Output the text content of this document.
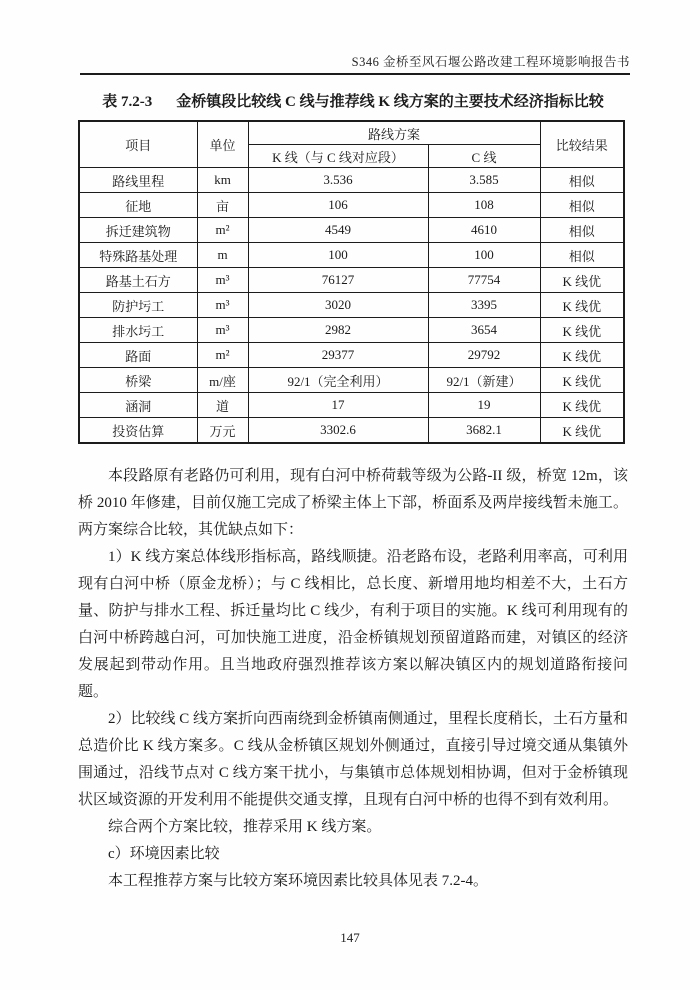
S346 金桥至风石堰公路改建工程环境影响报告书
表 7.2-3 金桥镇段比较线 C 线与推荐线 K 线方案的主要技术经济指标比较
项目	单位	路线方案		比较结果
		K 线（与 C 线对应段）	C 线	
路线里程	km	3.536	3.585	相似
征地	亩	106	108	相似
拆迁建筑物	m²	4549	4610	相似
特殊路基处理	m	100	100	相似
路基土石方	m³	76127	77754	K 线优
防护圬工	m³	3020	3395	K 线优
排水圬工	m³	2982	3654	K 线优
路面	m²	29377	29792	K 线优
桥梁	m/座	92/1（完全利用）	92/1（新建）	K 线优
涵洞	道	17	19	K 线优
投资估算	万元	3302.6	3682.1	K 线优

本段路原有老路仍可利用，现有白河中桥荷载等级为公路-II 级，桥宽 12m，该桥 2010 年修建，目前仅施工完成了桥梁主体上下部，桥面系及两岸接线暂未施工。两方案综合比较，其优缺点如下：

1）K 线方案总体线形指标高，路线顺捷。沿老路布设，老路利用率高，可利用现有白河中桥（原金龙桥）；与 C 线相比，总长度、新增用地均相差不大，土石方量、防护与排水工程、拆迁量均比 C 线少，有利于项目的实施。K 线可利用现有的白河中桥跨越白河，可加快施工进度，沿金桥镇规划预留道路而建，对镇区的经济发展起到带动作用。且当地政府强烈推荐该方案以解决镇区内的规划道路衔接问题。

2）比较线 C 线方案折向西南绕到金桥镇南侧通过，里程长度稍长，土石方量和总造价比 K 线方案多。C 线从金桥镇区规划外侧通过，直接引导过境交通从集镇外围通过，沿线节点对 C 线方案干扰小，与集镇市总体规划相协调，但对于金桥镇现状区域资源的开发利用不能提供交通支撑，且现有白河中桥的也得不到有效利用。

综合两个方案比较，推荐采用 K 线方案。

c）环境因素比较

本工程推荐方案与比较方案环境因素比较具体见表 7.2-4。

147
